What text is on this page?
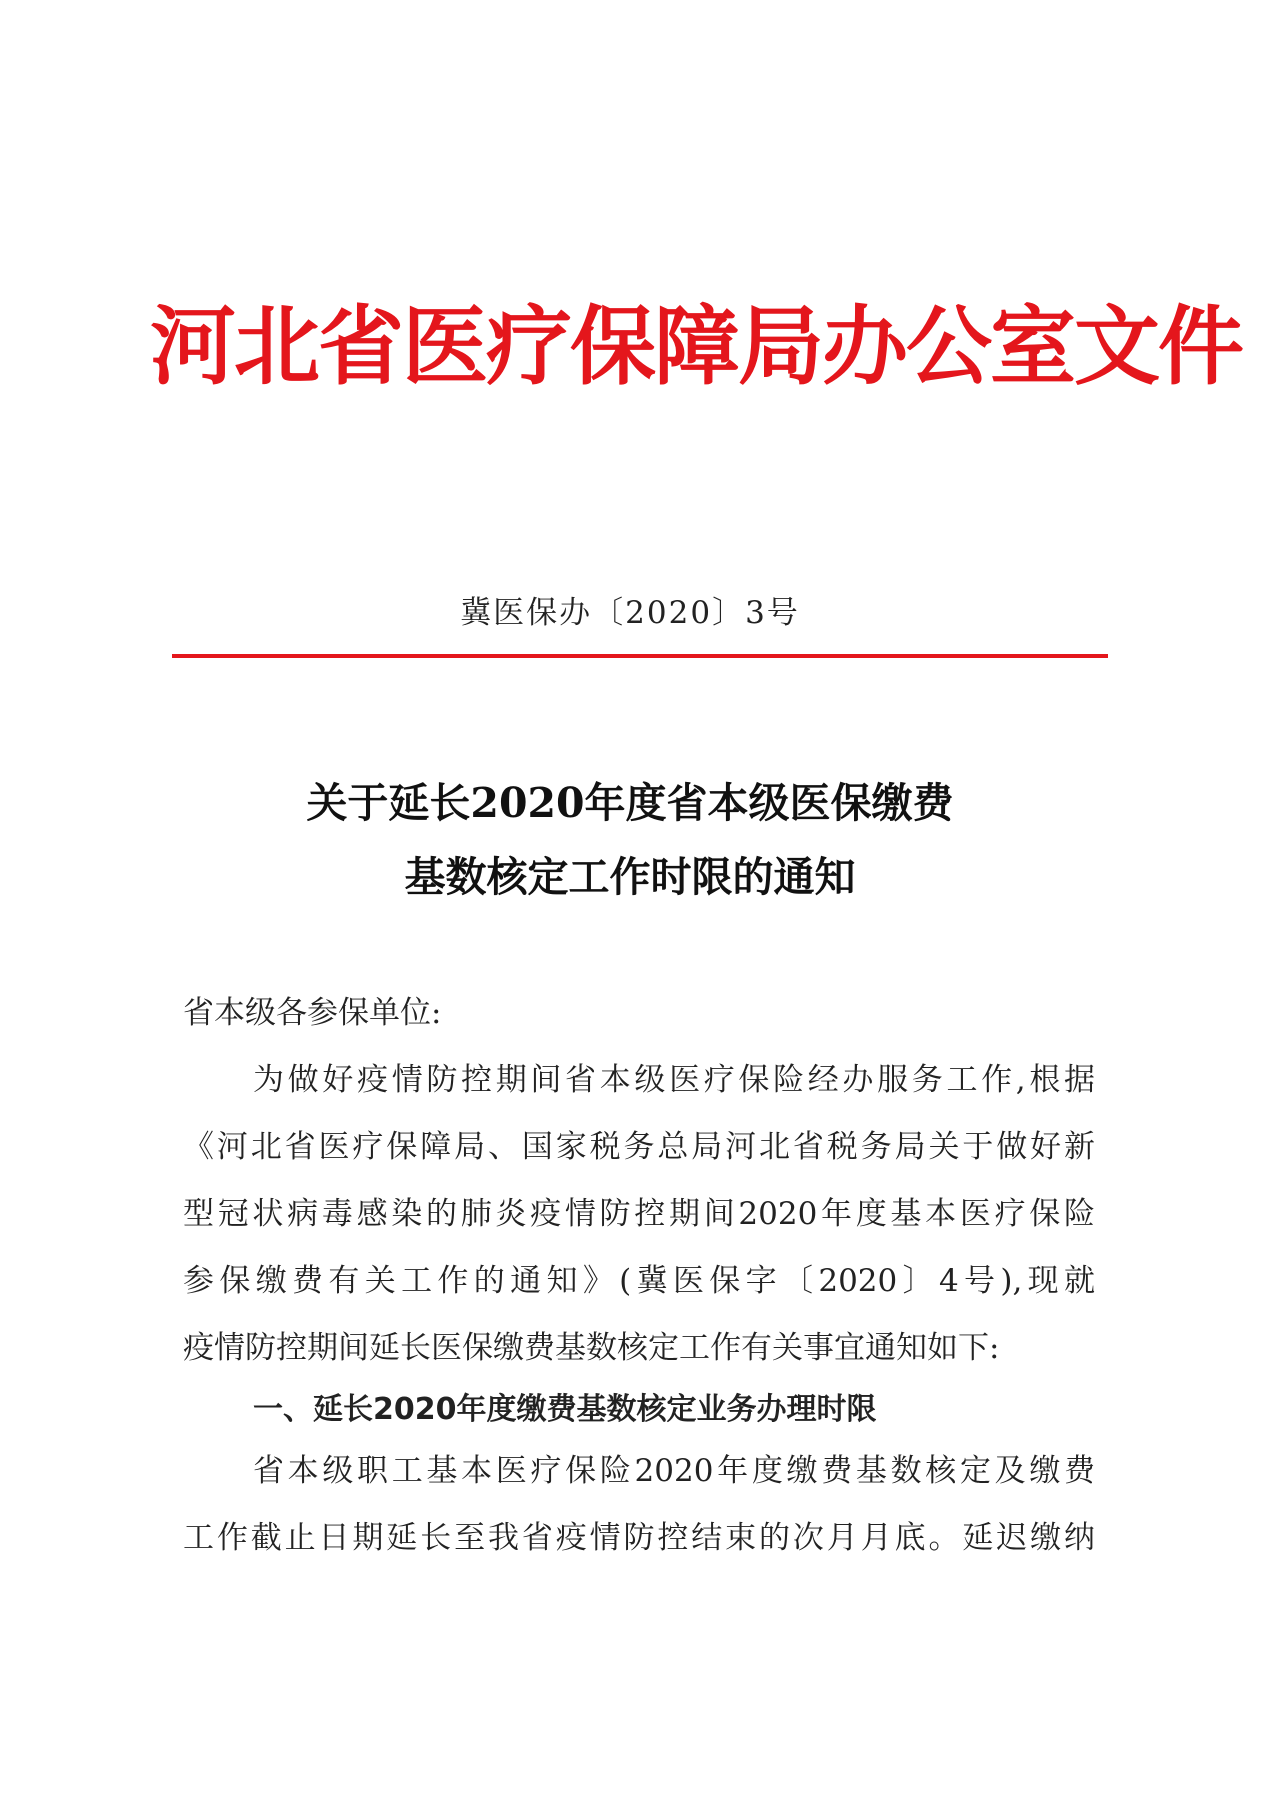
河北省医疗保障局办公室文件
冀医保办〔2020〕3号
关于延长2020年度省本级医保缴费
基数核定工作时限的通知

省本级各参保单位:

为做好疫情防控期间省本级医疗保险经办服务工作,根据

《河北省医疗保障局、国家税务总局河北省税务局关于做好新

型冠状病毒感染的肺炎疫情防控期间2020年度基本医疗保险

参保缴费有关工作的通知》(冀医保字〔2020〕4号),现就

疫情防控期间延长医保缴费基数核定工作有关事宜通知如下:

一、延长2020年度缴费基数核定业务办理时限

省本级职工基本医疗保险2020年度缴费基数核定及缴费

工作截止日期延长至我省疫情防控结束的次月月底。延迟缴纳
